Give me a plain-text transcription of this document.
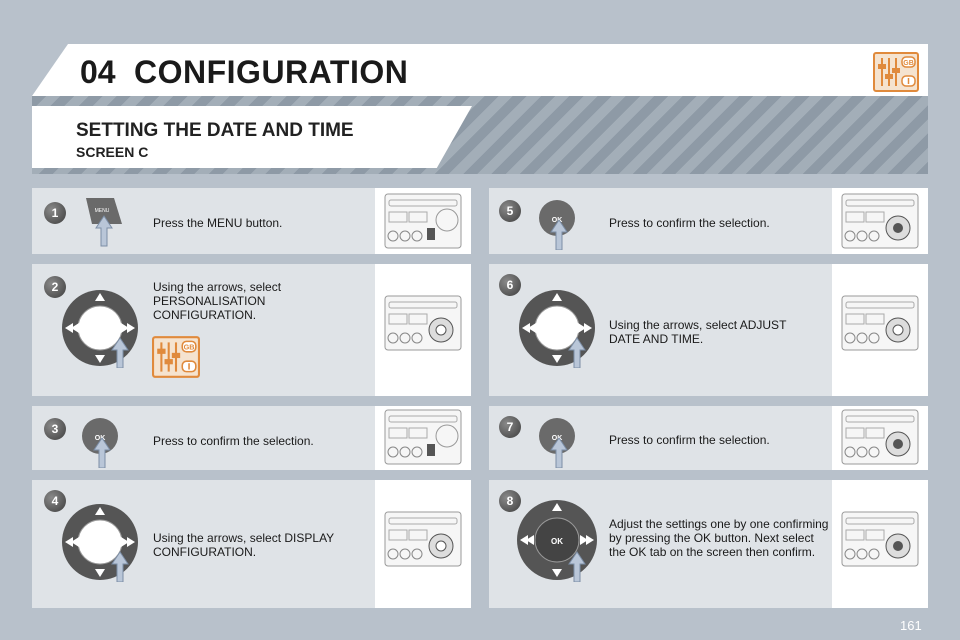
04 CONFIGURATION	GB
SETTING THE DATE AND TIME
SCREEN C
1	MENU
Press the MENU button.
2
GB
Using the arrows, select PERSONALISATION CONFIGURATION.
3
OK	Press to confirm the selection.
4
Using the arrows, select DISPLAY CONFIGURATION.
5
OK	Press to confirm the selection.
6
Using the arrows, select ADJUST DATE AND TIME.
7
OK	Press to confirm the selection.
8
OK
Adjust the settings one by one confirming by pressing the OK button. Next select the OK tab on the screen then confirm.
161
